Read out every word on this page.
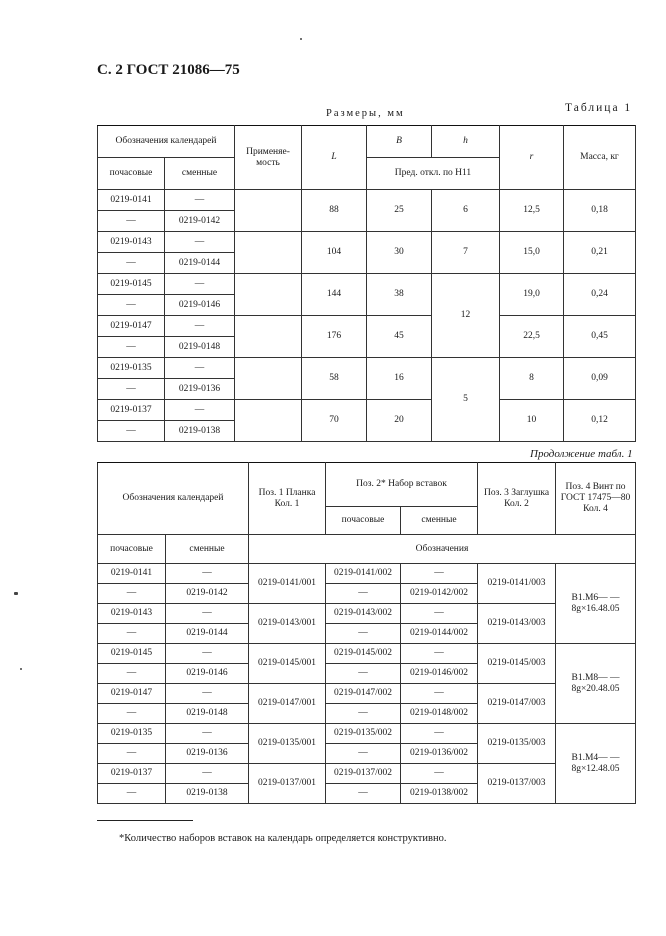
С. 2 ГОСТ 21086—75
Размеры, мм	Таблица 1
Обозначения календарей		Применяе-мость	L	B	h	r	Масса, кг
почасовые	сменные			Пред. откл. по H11			
0219-0141	—		88	25	6	12,5	0,18
—	0219-0142						
0219-0143	—		104	30	7	15,0	0,21
—	0219-0144						
0219-0145	—		144	38	12	19,0	0,24
—	0219-0146						
0219-0147	—		176	45		22,5	0,45
—	0219-0148						
0219-0135	—		58	16	5	8	0,09
—	0219-0136						
0219-0137	—		70	20		10	0,12
—	0219-0138						
Продолжение табл. 1
Обозначения календарей		Поз. 1 Планка Кол. 1	Поз. 2* Набор вставок		Поз. 3 Заглушка Кол. 2	Поз. 4 Винт по ГОСТ 17475—80 Кол. 4
			почасовые	сменные		
почасовые	сменные	Обозначения				
0219-0141	—	0219-0141/001	0219-0141/002	—	0219-0141/003	B1.M6— —8g×16.48.05
—	0219-0142		—	0219-0142/002		
0219-0143	—	0219-0143/001	0219-0143/002	—	0219-0143/003	
—	0219-0144		—	0219-0144/002		
0219-0145	—	0219-0145/001	0219-0145/002	—	0219-0145/003	B1.M8— —8g×20.48.05
—	0219-0146		—	0219-0146/002		
0219-0147	—	0219-0147/001	0219-0147/002	—	0219-0147/003	
—	0219-0148		—	0219-0148/002		
0219-0135	—	0219-0135/001	0219-0135/002	—	0219-0135/003	B1.M4— —8g×12.48.05
—	0219-0136		—	0219-0136/002		
0219-0137	—	0219-0137/001	0219-0137/002	—	0219-0137/003	
—	0219-0138		—	0219-0138/002		
*Количество наборов вставок на календарь определяется конструктивно.
